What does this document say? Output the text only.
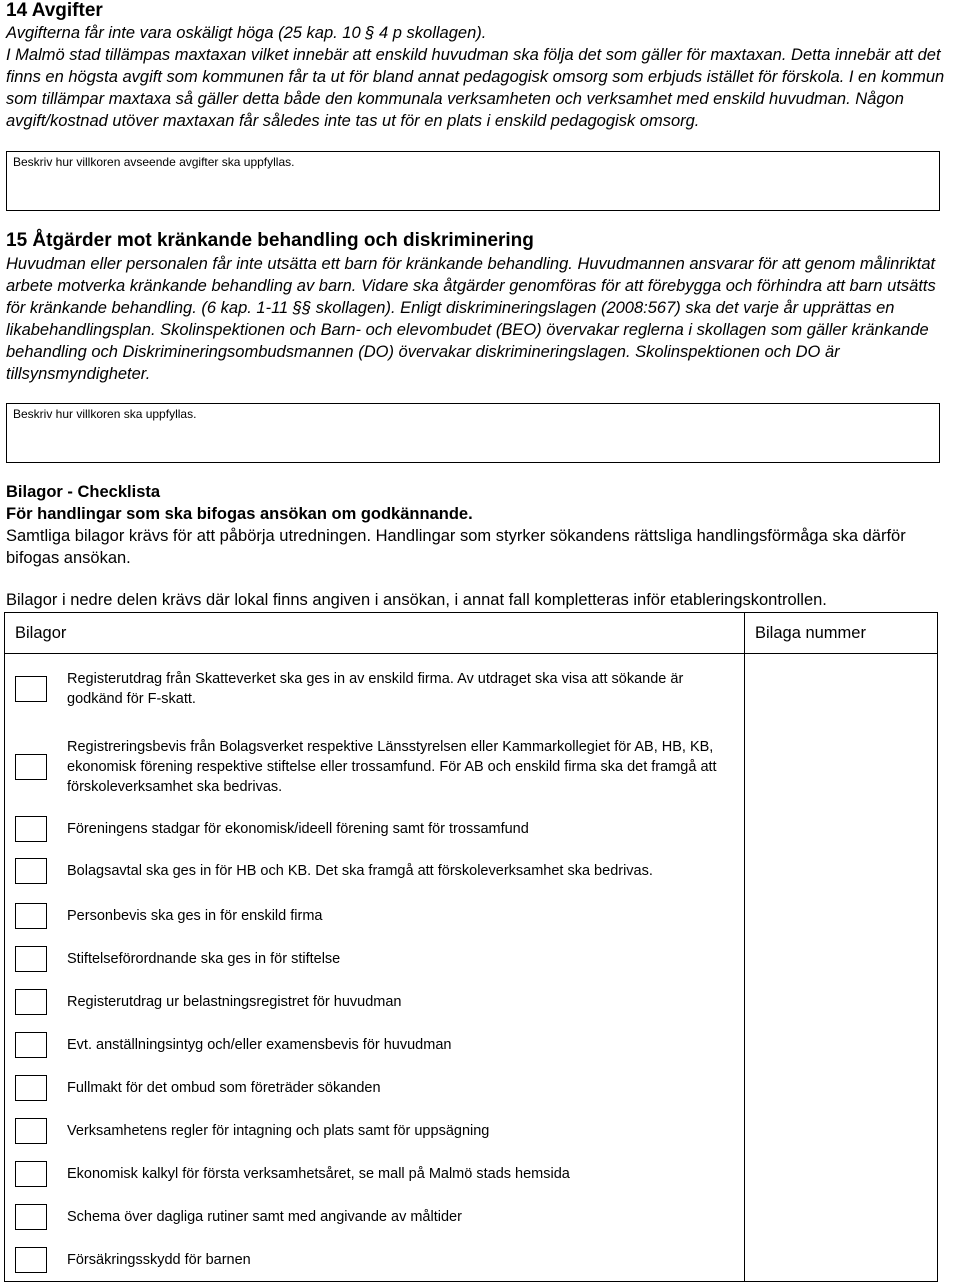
14 Avgifter

Avgifterna får inte vara oskäligt höga (25 kap. 10 § 4 p skollagen).

I Malmö stad tillämpas maxtaxan vilket innebär att enskild huvudman ska följa det som gäller för maxtaxan. Detta innebär att det finns en högsta avgift som kommunen får ta ut för bland annat pedagogisk omsorg som erbjuds istället för förskola. I en kommun som tillämpar maxtaxa så gäller detta både den kommunala verksamheten och verksamhet med enskild huvudman. Någon avgift/kostnad utöver maxtaxan får således inte tas ut för en plats i enskild pedagogisk omsorg.

Beskriv hur villkoren avseende avgifter ska uppfyllas.
15 Åtgärder mot kränkande behandling och diskriminering

Huvudman eller personalen får inte utsätta ett barn för kränkande behandling. Huvudmannen ansvarar för att genom målinriktat arbete motverka kränkande behandling av barn. Vidare ska åtgärder genomföras för att förebygga och förhindra att barn utsätts för kränkande behandling. (6 kap. 1-11 §§ skollagen). Enligt diskrimineringslagen (2008:567) ska det varje år upprättas en likabehandlingsplan. Skolinspektionen och Barn- och elevombudet (BEO) övervakar reglerna i skollagen som gäller kränkande behandling och Diskrimineringsombudsmannen (DO) övervakar diskrimineringslagen. Skolinspektionen och DO är tillsynsmyndigheter.

Beskriv hur villkoren ska uppfyllas.
Bilagor - Checklista
För handlingar som ska bifogas ansökan om godkännande.
Samtliga bilagor krävs för att påbörja utredningen. Handlingar som styrker sökandens rättsliga handlingsförmåga ska därför bifogas ansökan.
Bilagor i nedre delen krävs där lokal finns angiven i ansökan, i annat fall kompletteras inför etableringskontrollen.
Bilagor	Bilaga nummer

Registerutdrag från Skatteverket ska ges in av enskild firma. Av utdraget ska visa att sökande är godkänd för F-skatt.	

Registreringsbevis från Bolagsverket respektive Länsstyrelsen eller Kammarkollegiet för AB, HB, KB, ekonomisk förening respektive stiftelse eller trossamfund. För AB och enskild firma ska det framgå att förskoleverksamhet ska bedrivas.	

Föreningens stadgar för ekonomisk/ideell förening samt för trossamfund	

Bolagsavtal ska ges in för HB och KB. Det ska framgå att förskoleverksamhet ska bedrivas.	

Personbevis ska ges in för enskild firma	

Stiftelseförordnande ska ges in för stiftelse	

Registerutdrag ur belastningsregistret för huvudman	

Evt. anställningsintyg och/eller examensbevis för huvudman	

Fullmakt för det ombud som företräder sökanden	

Verksamhetens regler för intagning och plats samt för uppsägning	

Ekonomisk kalkyl för första verksamhetsåret, se mall på Malmö stads hemsida	

Schema över dagliga rutiner samt med angivande av måltider	

Försäkringsskydd för barnen	
